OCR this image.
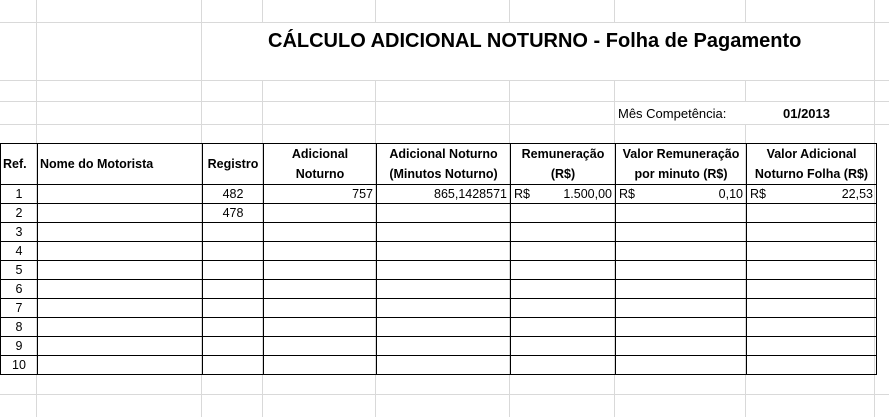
CÁLCULO ADICIONAL NOTURNO - Folha de Pagamento
Mês Competência:	01/2013
Ref.	Nome do Motorista	Registro	Adicional Noturno	Adicional Noturno (Minutos Noturno)	Remuneração (R$)	Valor Remuneração por minuto (R$)	Valor Adicional Noturno Folha (R$)
1		482	757	865,1428571	R$ 1.500,00	R$ 0,10	R$ 22,53

2		478					
3							
4							
5							
6							
7							
8							
9							
10							
